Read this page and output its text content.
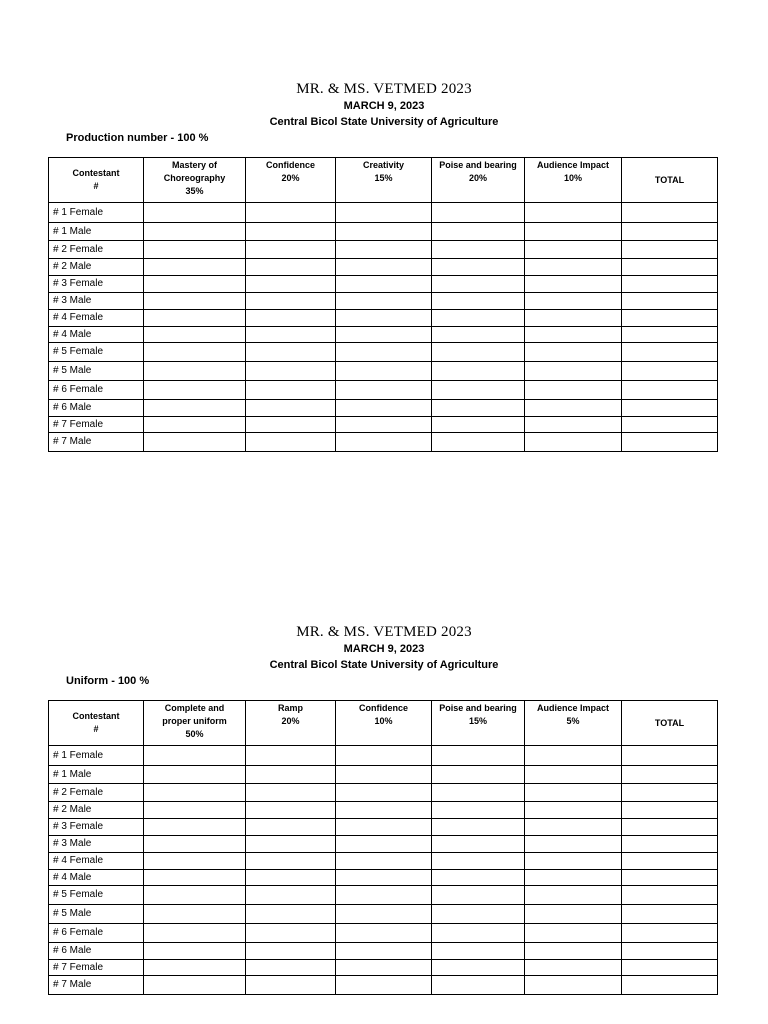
MR. & MS. VETMED 2023
MARCH 9, 2023
Central Bicol State University of Agriculture
Production number - 100 %
Contestant
#	Mastery of
Choreography
35%	Confidence
20%	Creativity
15%	Poise and bearing
20%	Audience Impact
10%	TOTAL

# 1 Female						
# 1 Male						
# 2 Female						
# 2 Male						
# 3 Female						
# 3 Male						
# 4 Female						
# 4 Male						
# 5 Female						
# 5 Male						
# 6 Female						
# 6 Male						
# 7 Female						
# 7 Male						
MR. & MS. VETMED 2023
MARCH 9, 2023
Central Bicol State University of Agriculture
Uniform - 100 %
Contestant
#	Complete and
proper uniform
50%	Ramp
20%	Confidence
10%	Poise and bearing
15%	Audience Impact
5%	TOTAL

# 1 Female						
# 1 Male						
# 2 Female						
# 2 Male						
# 3 Female						
# 3 Male						
# 4 Female						
# 4 Male						
# 5 Female						
# 5 Male						
# 6 Female						
# 6 Male						
# 7 Female						
# 7 Male						
